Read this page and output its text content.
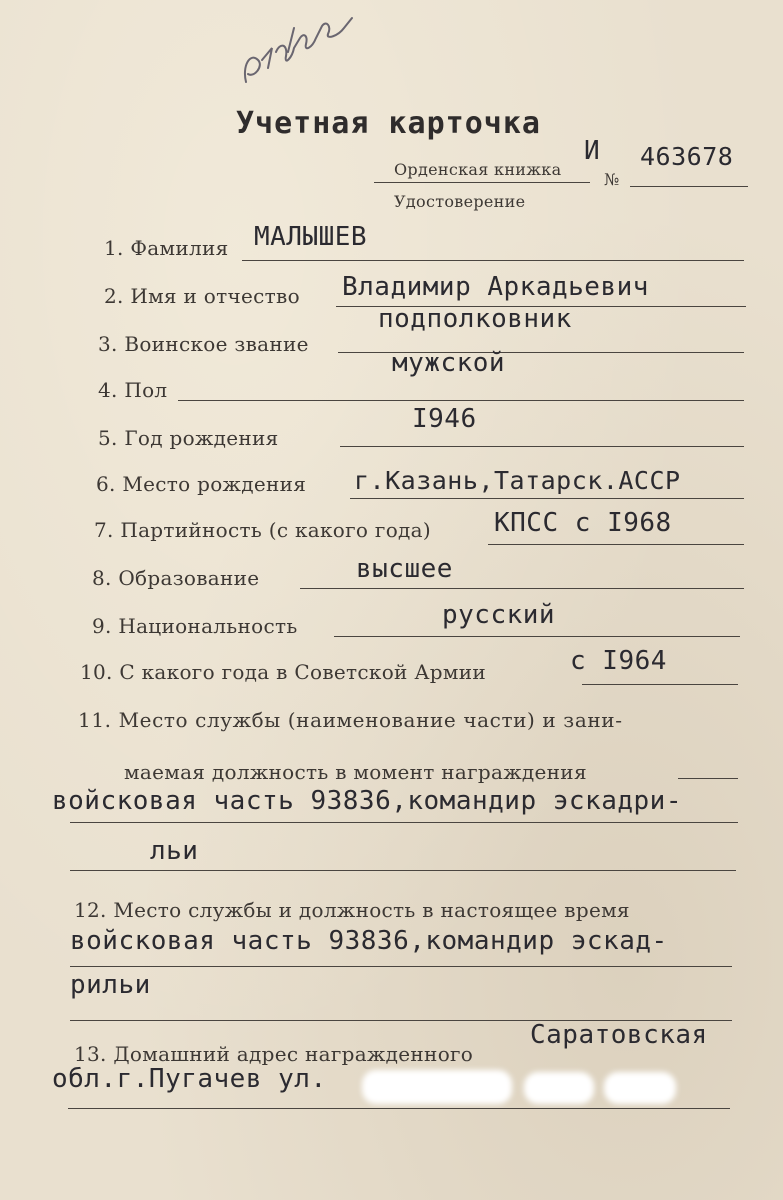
Учетная карточка
И
Орденская книжка
№
463678
Удостоверение
1. Фамилия МАЛЫШЕВ
2. Имя и отчество Владимир Аркадьевич
3. Воинское звание
подполковник
4. Пол
мужской
5. Год рождения
I946
6. Место рождения г.Казань,Татарск.АССР
7. Партийность (с какого года) КПСС с I968
8. Образование	высшее
9. Национальность	русский
10. С какого года в Советской Армии	с I964
11. Место службы (наименование части) и зани-
маемая должность в момент награждения
войсковая часть 93836,командир эскадри-
льи
12. Место службы и должность в настоящее время
войсковая часть 93836,командир эскад-
рильи
13. Домашний адрес награжденного
Саратовская
обл.г.Пугачев ул.
